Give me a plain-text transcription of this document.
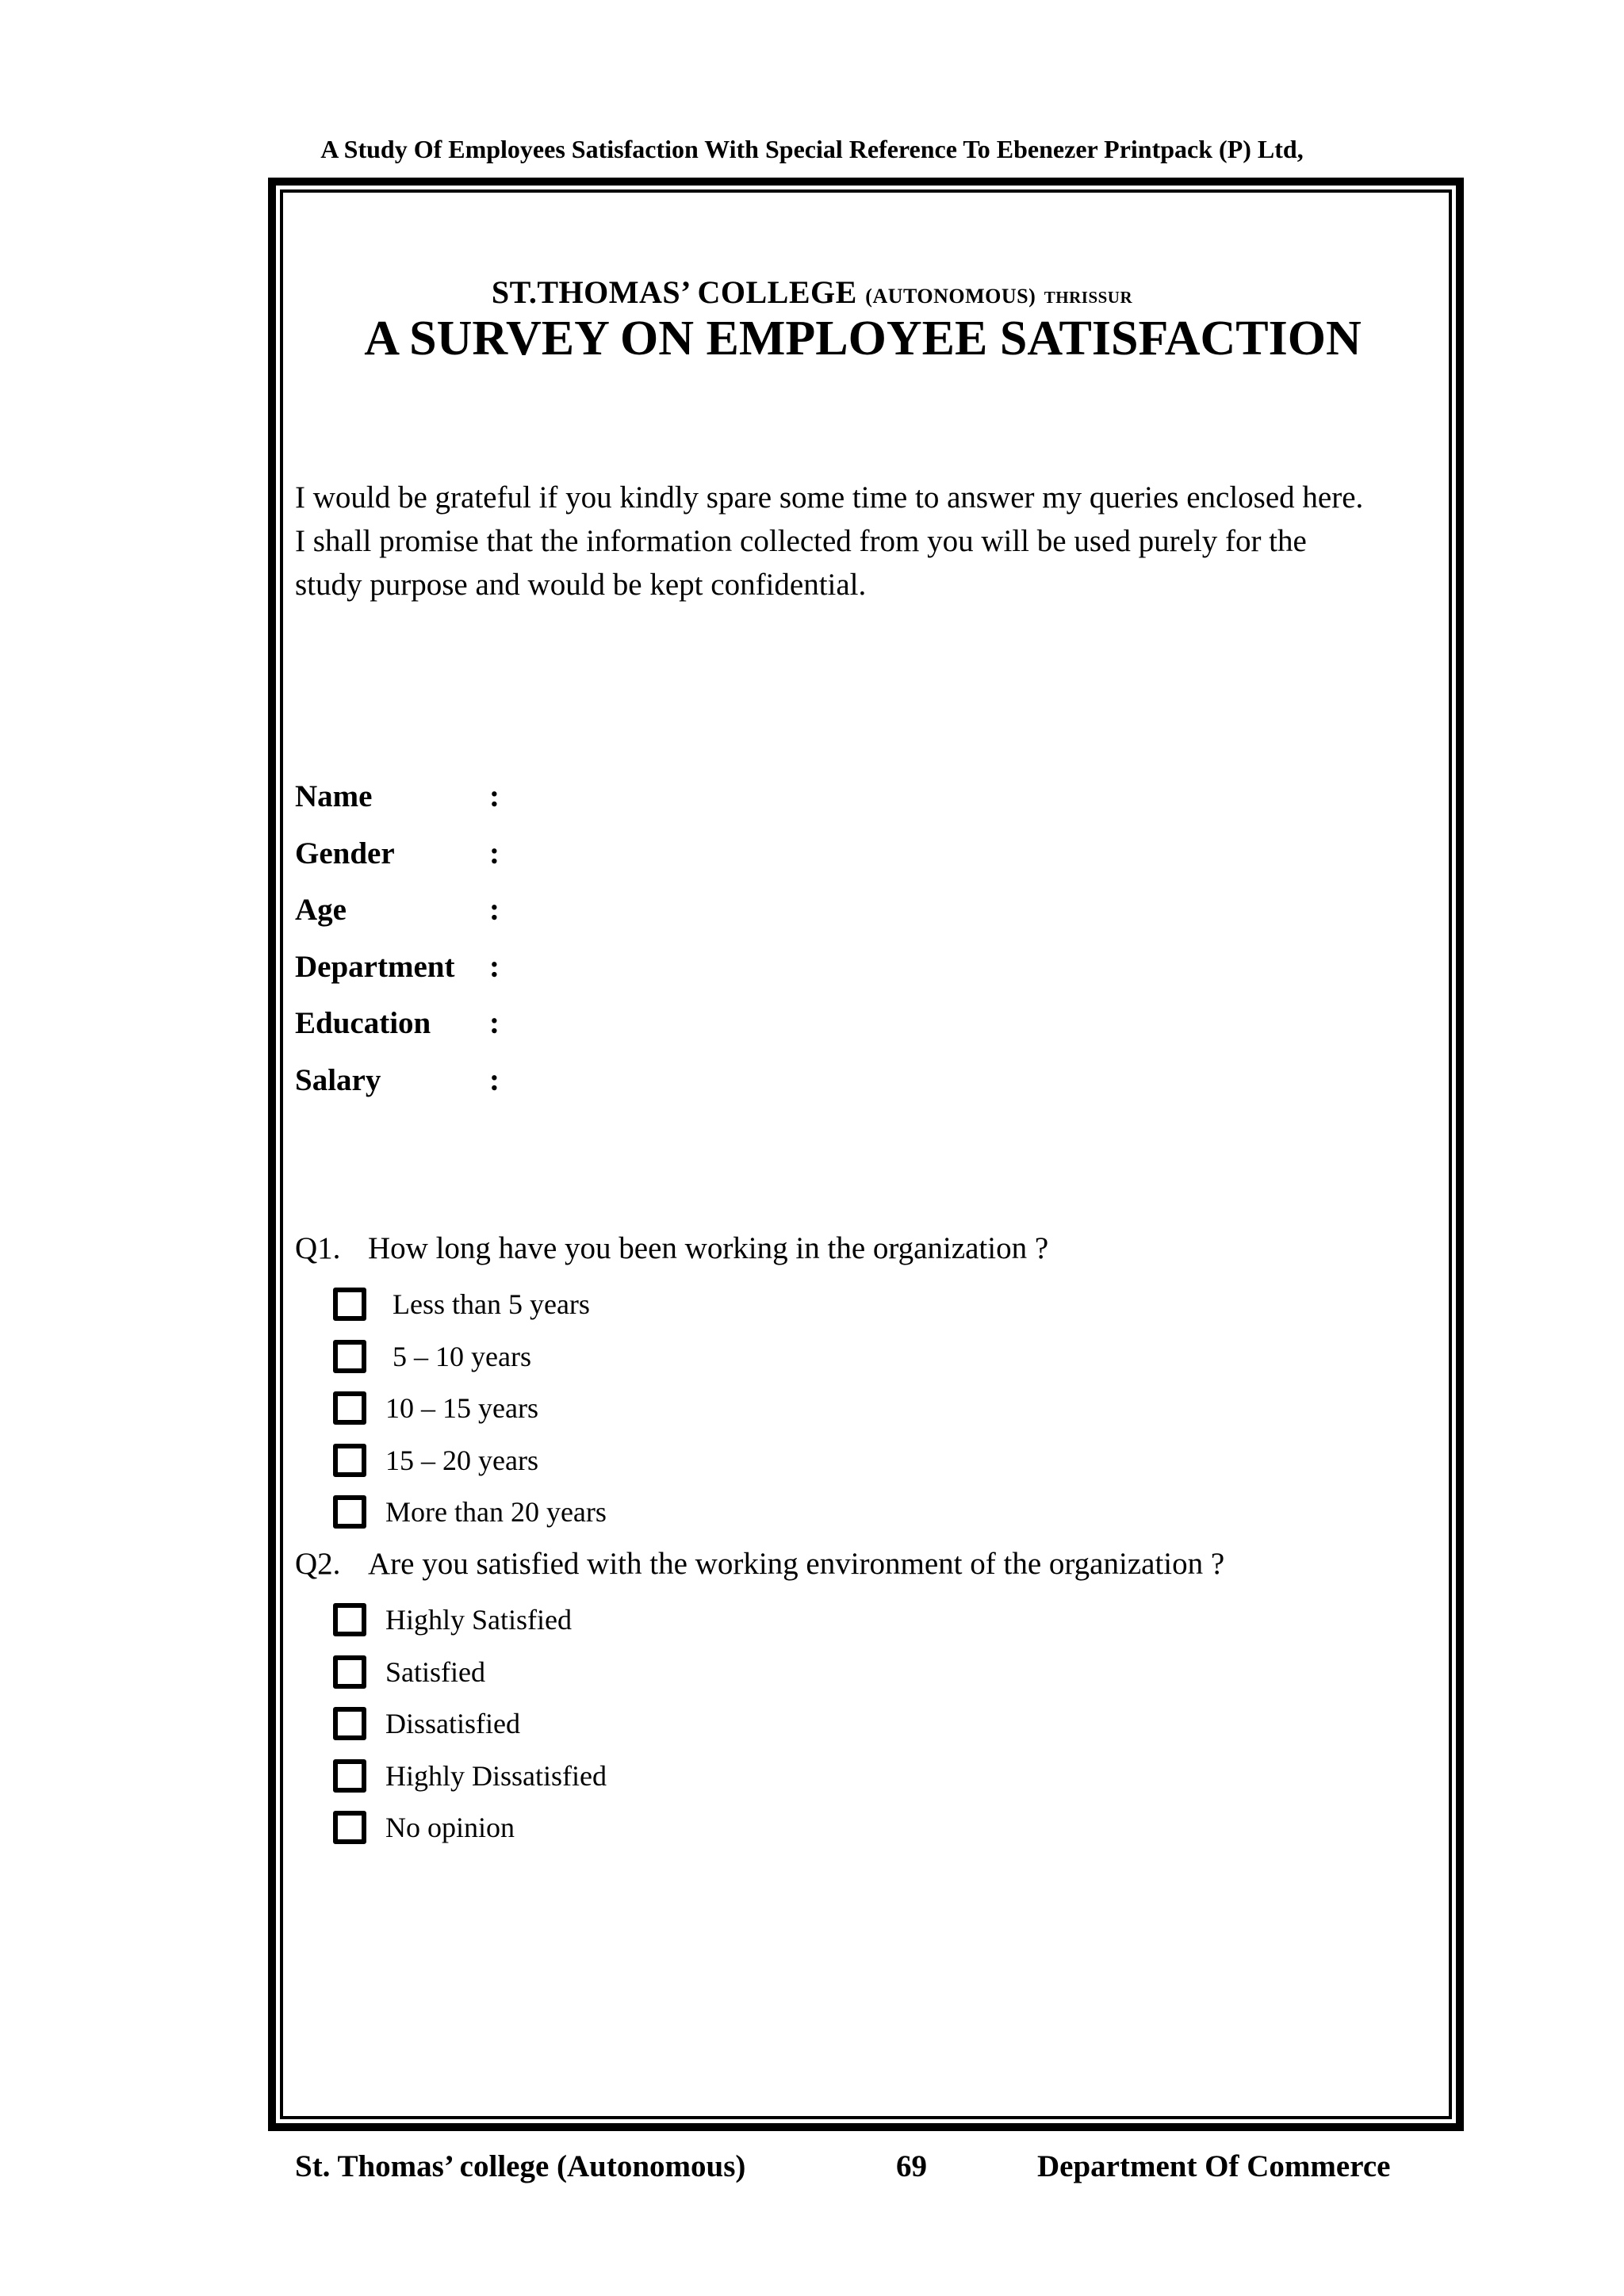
A Study Of Employees Satisfaction With Special Reference To Ebenezer Printpack (P) Ltd,
ST.THOMAS’ COLLEGE (AUTONOMOUS) THRISSUR
A SURVEY ON EMPLOYEE SATISFACTION

I would be grateful if you kindly spare some time to answer my queries enclosed here.

I shall promise that the information collected from you will be used purely for the

study purpose and would be kept confidential.

Name	:
Gender	:
Age	:
Department :
Education :
Salary	:
Q1. How long have you been working in the organization ?
Less than 5 years
5 – 10 years
10 – 15 years
15 – 20 years
More than 20 years
Q2. Are you satisfied with the working environment of the organization ?
Highly Satisfied
Satisfied
Dissatisfied
Highly Dissatisfied
No opinion
St. Thomas’ college (Autonomous)	69	Department Of Commerce
